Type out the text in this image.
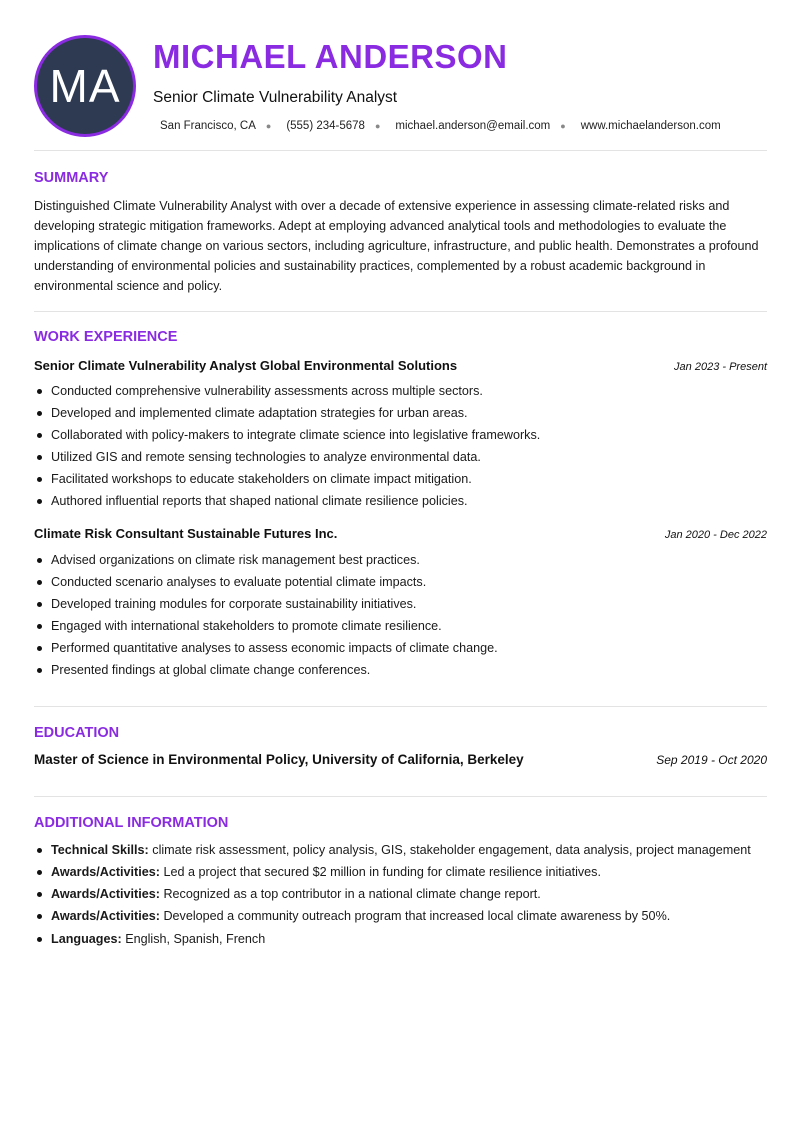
MA
MICHAEL ANDERSON
Senior Climate Vulnerability Analyst
San Francisco, CA ● (555) 234-5678 ● michael.anderson@email.com ● www.michaelanderson.com
SUMMARY
Distinguished Climate Vulnerability Analyst with over a decade of extensive experience in assessing climate-related risks and developing strategic mitigation frameworks. Adept at employing advanced analytical tools and methodologies to evaluate the implications of climate change on various sectors, including agriculture, infrastructure, and public health. Demonstrates a profound understanding of environmental policies and sustainability practices, complemented by a robust academic background in environmental science and policy.
WORK EXPERIENCE
Senior Climate Vulnerability Analyst Global Environmental Solutions	Jan 2023 - Present
Conducted comprehensive vulnerability assessments across multiple sectors.
Developed and implemented climate adaptation strategies for urban areas.
Collaborated with policy-makers to integrate climate science into legislative frameworks.
Utilized GIS and remote sensing technologies to analyze environmental data.
Facilitated workshops to educate stakeholders on climate impact mitigation.
Authored influential reports that shaped national climate resilience policies.
Climate Risk Consultant Sustainable Futures Inc.	Jan 2020 - Dec 2022
Advised organizations on climate risk management best practices.
Conducted scenario analyses to evaluate potential climate impacts.
Developed training modules for corporate sustainability initiatives.
Engaged with international stakeholders to promote climate resilience.
Performed quantitative analyses to assess economic impacts of climate change.
Presented findings at global climate change conferences.
EDUCATION
Master of Science in Environmental Policy, University of California, Berkeley	Sep 2019 - Oct 2020
ADDITIONAL INFORMATION
Technical Skills: climate risk assessment, policy analysis, GIS, stakeholder engagement, data analysis, project management
Awards/Activities: Led a project that secured $2 million in funding for climate resilience initiatives.
Awards/Activities: Recognized as a top contributor in a national climate change report.
Awards/Activities: Developed a community outreach program that increased local climate awareness by 50%.
Languages: English, Spanish, French
